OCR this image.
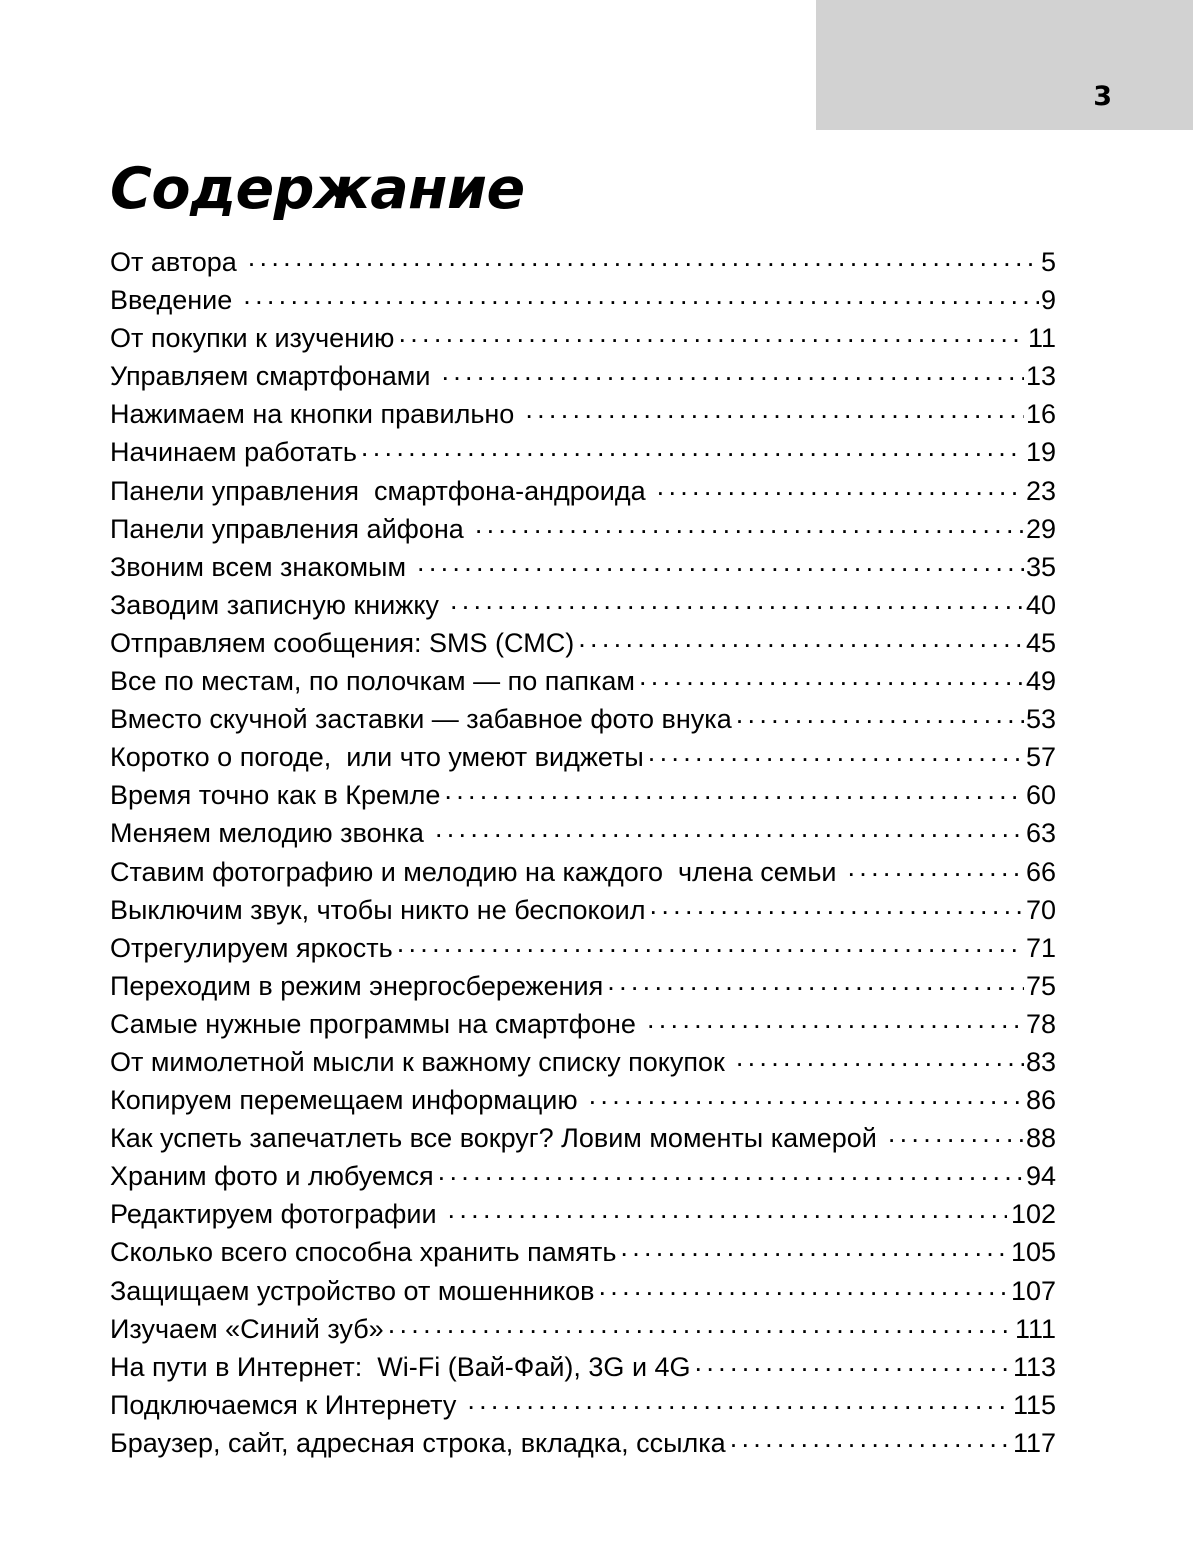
3
Содержание
От автора . . .	5
Введение . . .	9
От покупки к изучению . . .	11
Управляем смартфонами . . .	13
Нажимаем на кнопки правильно . . .	16
Начинаем работать . . .	19
Панели управления  смартфона-андроида . . .	23
Панели управления айфона . . .	29
Звоним всем знакомым . . .	35
Заводим записную книжку . . .	40
Отправляем сообщения: SMS (СМС) . . .	45
Все по местам, по полочкам — по папкам . . .	49
Вместо скучной заставки — забавное фото внука . . .	53
Коротко о погоде,  или что умеют виджеты . . .	57
Время точно как в Кремле . . .	60
Меняем мелодию звонка . . .	63
Ставим фотографию и мелодию на каждого  члена семьи . . .	66
Выключим звук, чтобы никто не беспокоил . . .	70
Отрегулируем яркость . . .	71
Переходим в режим энергосбережения . . .	75
Самые нужные программы на смартфоне . . .	78
От мимолетной мысли к важному списку покупок . . .	83
Копируем перемещаем информацию . . .	86
Как успеть запечатлеть все вокруг? Ловим моменты камерой . . .	88
Храним фото и любуемся . . .	94
Редактируем фотографии . . .	102
Сколько всего способна хранить память . . .	105
Защищаем устройство от мошенников . . .	107
Изучаем «Синий зуб» . . .	111
На пути в Интернет:  Wi-Fi (Вай-Фай), 3G и 4G . . .	113
Подключаемся к Интернету . . .	115
Браузер, сайт, адресная строка, вкладка, ссылка . . .	117
